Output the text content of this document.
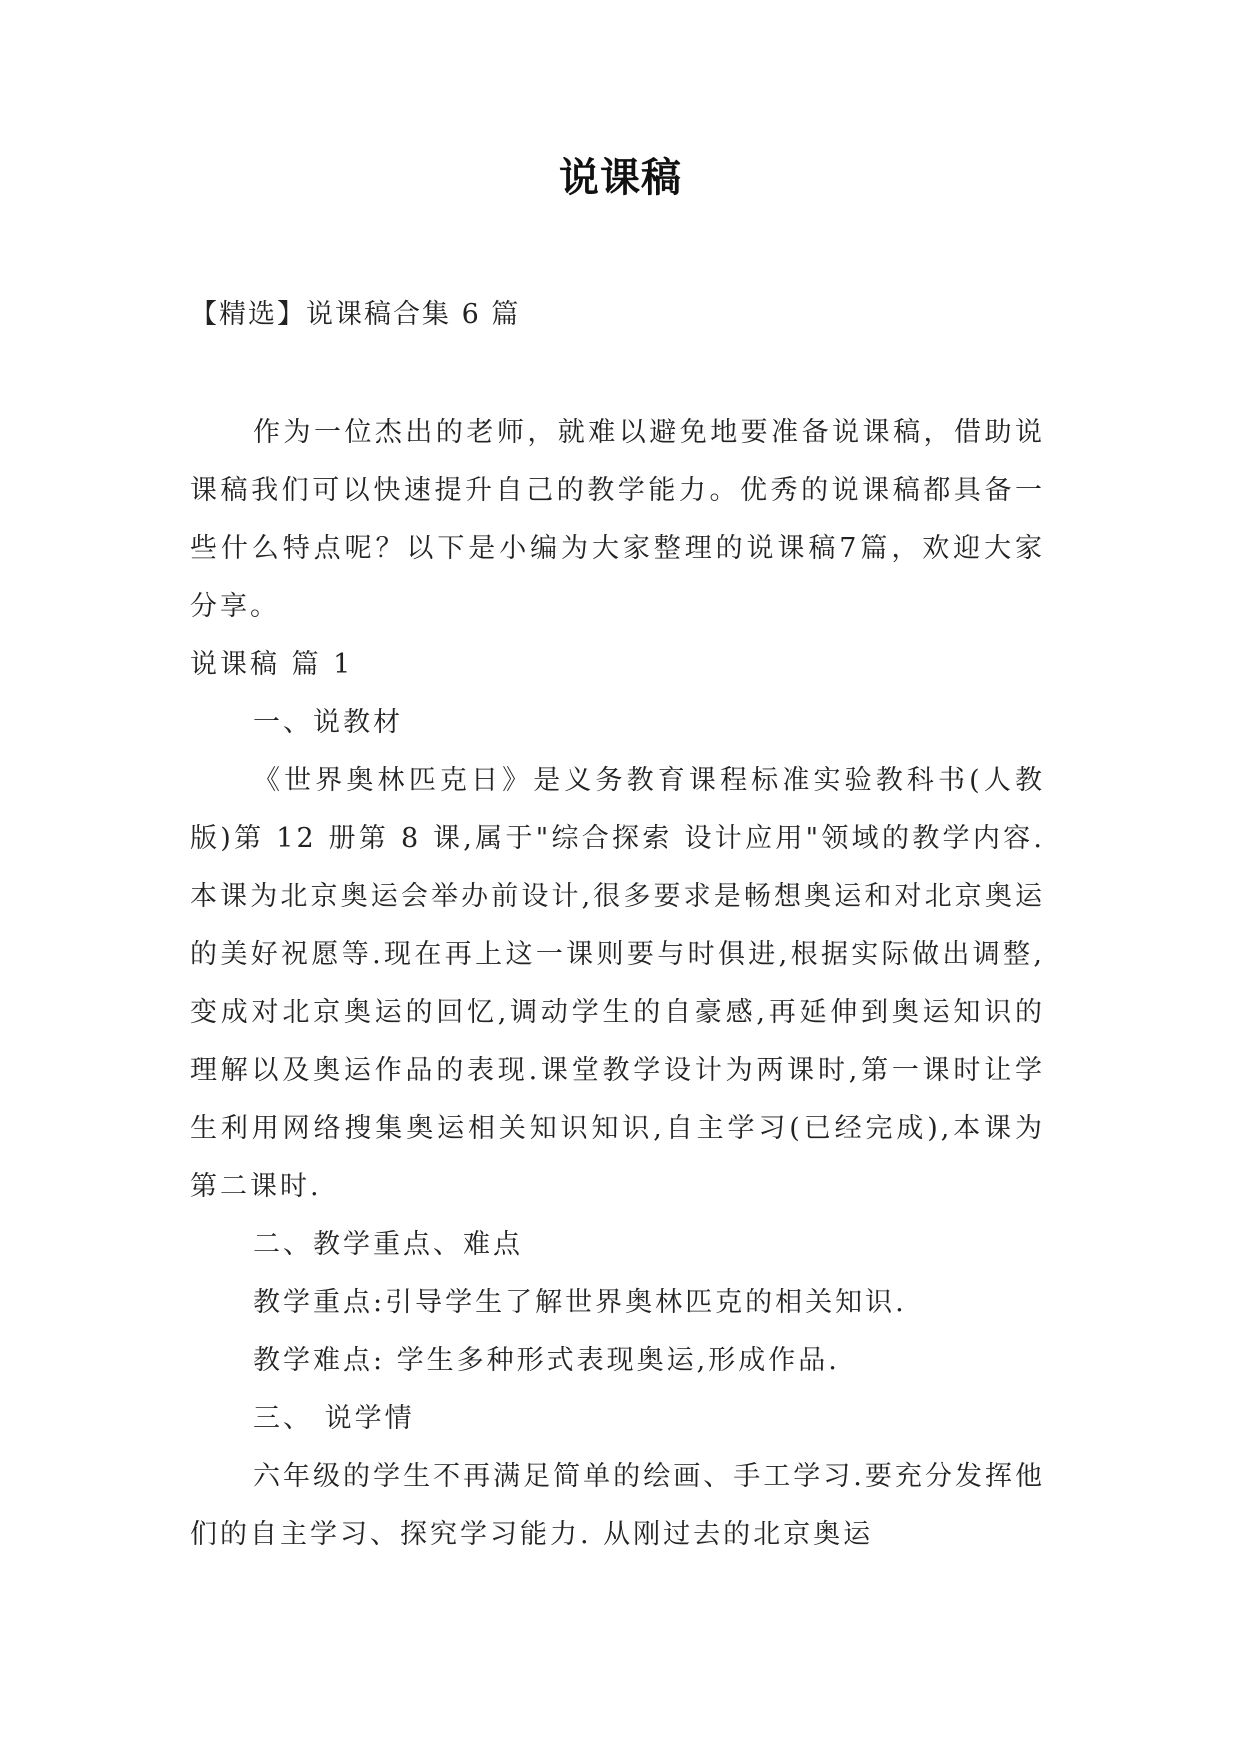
说课稿
【精选】说课稿合集 6 篇

作为一位杰出的老师，就难以避免地要准备说课稿，借助说课稿我们可以快速提升自己的教学能力。优秀的说课稿都具备一些什么特点呢？以下是小编为大家整理的说课稿7篇，欢迎大家分享。

说课稿 篇 1

一、说教材

《世界奥林匹克日》是义务教育课程标准实验教科书(人教版)第 12 册第 8 课,属于"综合探索 设计应用"领域的教学内容.本课为北京奥运会举办前设计,很多要求是畅想奥运和对北京奥运的美好祝愿等.现在再上这一课则要与时俱进,根据实际做出调整,变成对北京奥运的回忆,调动学生的自豪感,再延伸到奥运知识的理解以及奥运作品的表现.课堂教学设计为两课时,第一课时让学生利用网络搜集奥运相关知识知识,自主学习(已经完成),本课为第二课时.

二、教学重点、难点

教学重点:引导学生了解世界奥林匹克的相关知识.

教学难点: 学生多种形式表现奥运,形成作品.

三、 说学情

六年级的学生不再满足简单的绘画、手工学习.要充分发挥他们的自主学习、探究学习能力. 从刚过去的北京奥运
